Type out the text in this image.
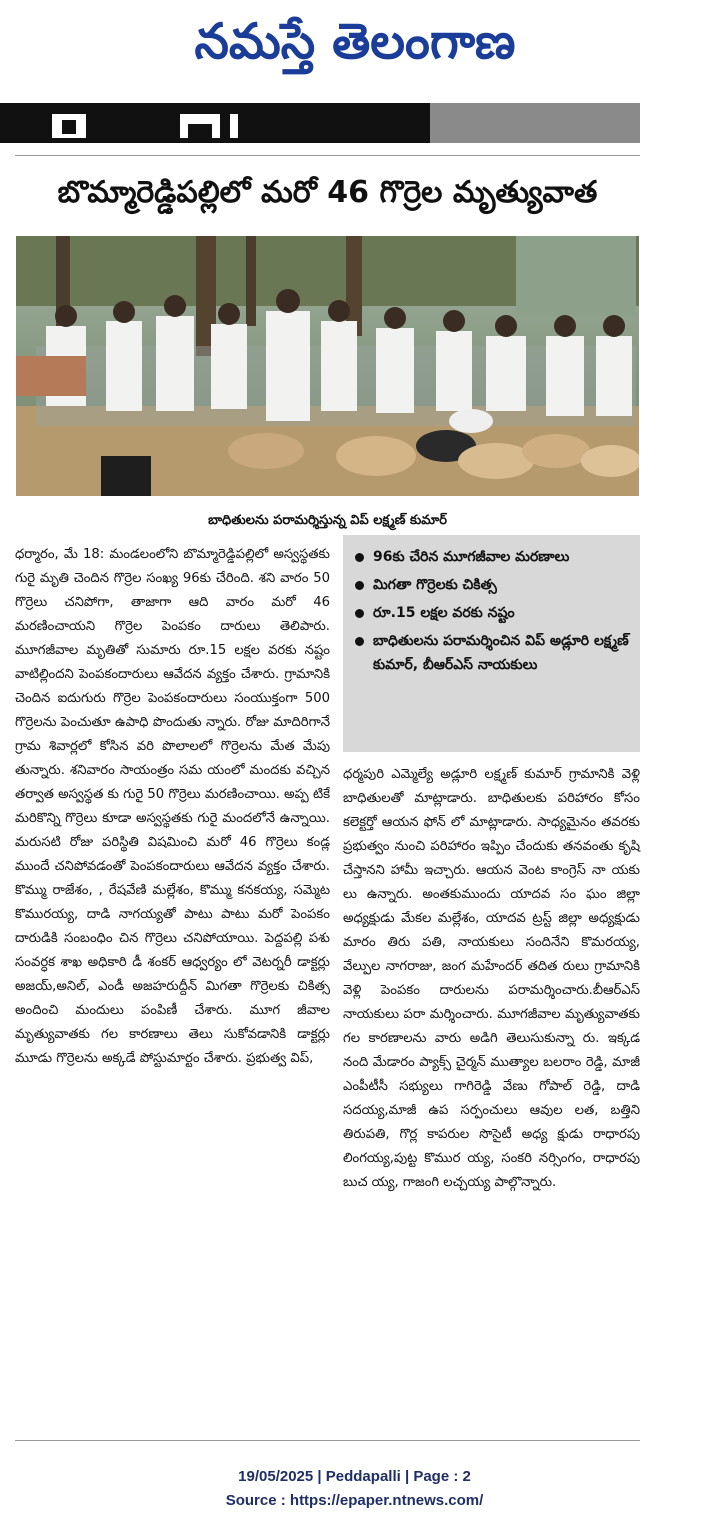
నమస్తే తెలంగాణ
బొమ్మారెడ్డిపల్లిలో మరో 46 గొర్రెల మృత్యువాత
బాధితులను పరామర్శిస్తున్న విప్ లక్ష్మణ్ కుమార్
96కు చేరిన మూగజీవాల మరణాలు
మిగతా గొర్రెలకు చికిత్స
రూ.15 లక్షల వరకు నష్టం
బాధితులను పరామర్శించిన విప్ అడ్లూరి లక్ష్మణ్ కుమార్, బీఆర్ఎస్ నాయకులు
ధర్మారం, మే 18: మండలంలోని బొమ్మారెడ్డిపల్లిలో అస్వస్థతకు గురై మృతి చెందిన గొర్రెల సంఖ్య 96కు చేరింది. శని వారం 50 గొర్రెలు చనిపోగా, తాజాగా ఆది వారం మరో 46 మరణించాయని గొర్రెల పెంపకం దారులు తెలిపారు. మూగజీవాల మృతితో సుమారు రూ.15 లక్షల వరకు నష్టం వాటిల్లిందని పెంపకందారులు ఆవేదన వ్యక్తం చేశారు. గ్రామానికి చెందిన ఐదుగురు గొర్రెల పెంపకందారులు సంయుక్తంగా 500 గొర్రెలను పెంచుతూ ఉపాధి పొందుతు న్నారు. రోజు మాదిరిగానే గ్రామ శివార్లలో కోసిన వరి పొలాలలో గొర్రెలను మేత మేపు తున్నారు. శనివారం సాయంత్రం సమ యంలో మందకు వచ్చిన తర్వాత అస్వస్థత కు గురై 50 గొర్రెలు మరణించాయి. అప్ప టికే మరికొన్ని గొర్రెలు కూడా అస్వస్థతకు గురై మందలోనే ఉన్నాయి. మరుసటి రోజు పరిస్థితి విషమించి మరో 46 గొర్రెలు కండ్ల ముందే చనిపోవడంతో పెంపకందారులు ఆవేదన వ్యక్తం చేశారు. కొమ్ము రాజేశం, , రేషవేణి మల్లేశం, కొమ్ము కనకయ్య, సమ్మెట కొమురయ్య, దాడి నాగయ్యతో పాటు పాటు మరో పెంపకం దారుడికి సంబంధిం చిన గొర్రెలు చనిపోయాయి. పెద్దపల్లి పశు సంవర్ధక శాఖ అధికారి డీ శంకర్ ఆధ్వర్యం లో వెటర్నరీ డాక్టర్లు అజయ్,అనిల్, ఎండీ అజహరుద్దీన్ మిగతా గొర్రెలకు చికిత్స అందించి మందులు పంపిణీ చేశారు. మూగ జీవాల మృత్యువాతకు గల కారణాలు తెలు సుకోవడానికి డాక్టర్లు మూడు గొర్రెలను అక్కడే పోస్టుమార్టం చేశారు. ప్రభుత్వ విప్,
ధర్మపురి ఎమ్మెల్యే అడ్లూరి లక్ష్మణ్ కుమార్ గ్రామానికి వెళ్లి బాధితులతో మాట్లాడారు. బాధితులకు పరిహారం కోసం కలెక్టర్తో ఆయన ఫోన్ లో మాట్లాడారు. సాధ్యమైనం తవరకు ప్రభుత్వం నుంచి పరిహారం ఇప్పిం చేందుకు తనవంతు కృషి చేస్తానని హామీ ఇచ్చారు. ఆయన వెంట కాంగ్రెస్ నా యకు లు ఉన్నారు. అంతకుముందు యాదవ సం ఘం జిల్లా అధ్యక్షుడు మేకల మల్లేశం, యాదవ ట్రస్ట్ జిల్లా అధ్యక్షుడు మారం తిరు పతి, నాయకులు సందినేని కొమరయ్య, వేల్పుల నాగరాజు, జంగ మహేందర్ తదిత రులు గ్రామానికి వెళ్లి పెంపకం దారులను పరామర్శించారు.బీఆర్ఎస్ నాయకులు పరా మర్శించారు. మూగజీవాల మృత్యువాతకు గల కారణాలను వారు అడిగి తెలుసుకున్నా రు. ఇక్కడ నంది మేడారం ప్యాక్స్ చైర్మన్ ముత్యాల బలరాం రెడ్డి, మాజీ ఎంపీటీసీ సభ్యులు గాగిరెడ్డి వేణు గోపాల్ రెడ్డి, దాడి సదయ్య,మాజీ ఉప సర్పంచులు ఆవుల లత, బత్తిని తిరుపతి, గొర్ల కాపరుల సొసైటీ అధ్య క్షుడు రాధారపు లింగయ్య,పుట్ట కొముర య్య, సంకరి నర్సింగం, రాధారపు బుచ య్య, గాజంగి లచ్చయ్య పాల్గొన్నారు.
19/05/2025 | Peddapalli | Page : 2
Source : https://epaper.ntnews.com/
